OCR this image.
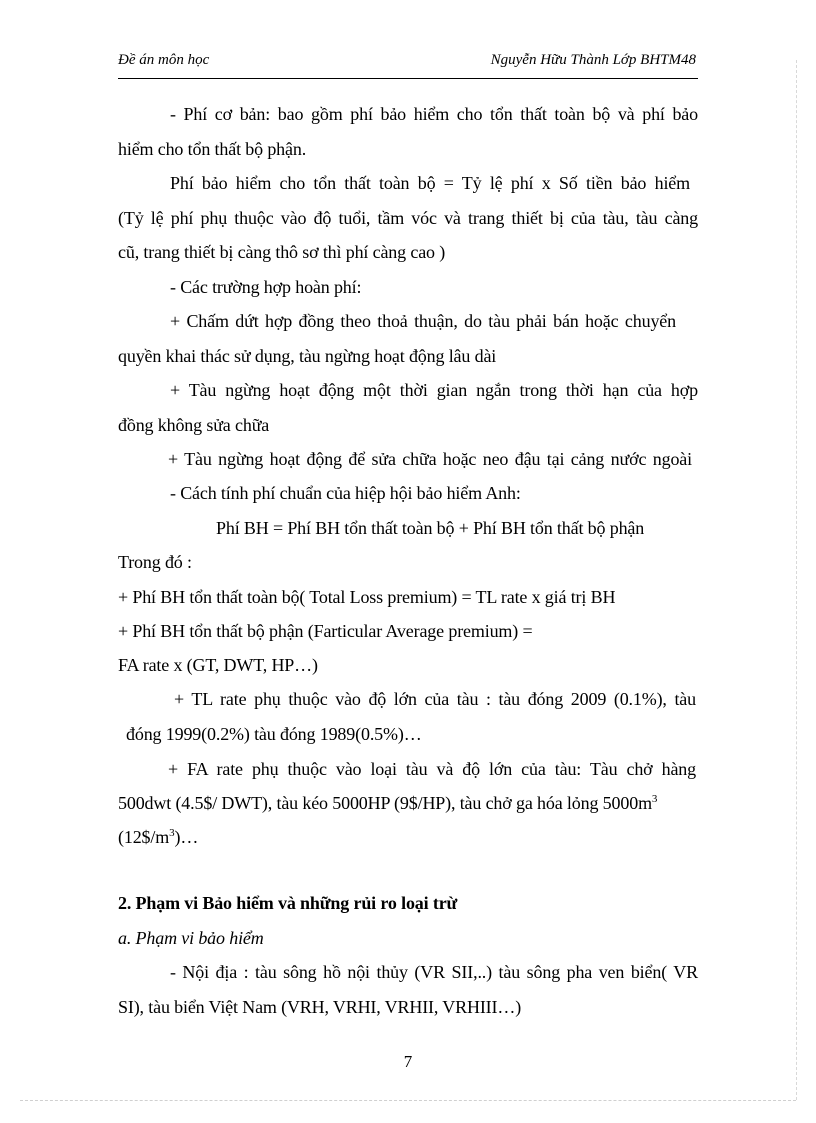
Đề án môn học	Nguyễn Hữu Thành Lớp BHTM48
- Phí cơ bản: bao gồm phí bảo hiểm cho tổn thất toàn bộ và phí bảo
hiểm cho tổn thất bộ phận.
Phí bảo hiểm cho tổn thất toàn bộ = Tỷ lệ phí x Số tiền bảo hiểm
(Tỷ lệ phí phụ thuộc vào độ tuổi, tầm vóc và trang thiết bị của tàu, tàu càng
cũ, trang thiết bị càng thô sơ thì phí càng cao )
- Các trường hợp hoàn phí:
+ Chấm dứt hợp đồng theo thoả thuận, do tàu phải bán hoặc chuyển
quyền khai thác sử dụng, tàu ngừng hoạt động lâu dài
+ Tàu ngừng hoạt động một thời gian ngắn trong thời hạn của hợp
đồng không sửa chữa
+ Tàu ngừng hoạt động để sửa chữa hoặc neo đậu tại cảng nước ngoài
- Cách tính phí chuẩn của hiệp hội bảo hiểm Anh:
Phí BH = Phí BH tổn thất toàn bộ + Phí BH tổn thất bộ phận
Trong đó :
+ Phí BH tổn thất toàn bộ( Total Loss premium) = TL rate x giá trị BH
+ Phí BH tổn thất bộ phận (Farticular Average premium) =
FA rate x (GT, DWT, HP…)
+ TL rate phụ thuộc vào độ lớn của tàu : tàu đóng 2009 (0.1%), tàu
đóng 1999(0.2%) tàu đóng 1989(0.5%)…
+ FA rate phụ thuộc vào loại tàu và độ lớn của tàu: Tàu chở hàng
500dwt (4.5$/ DWT), tàu kéo 5000HP (9$/HP), tàu chở ga hóa lỏng $5000m^3$
$(12\$/m^3)\dots$
2. Phạm vi Bảo hiểm và những rủi ro loại trừ
a. Phạm vi bảo hiểm
- Nội địa : tàu sông hồ nội thủy (VR SII,..) tàu sông pha ven biển( VR
SI), tàu biển Việt Nam (VRH, VRHI, VRHII, VRHIII…)
7
